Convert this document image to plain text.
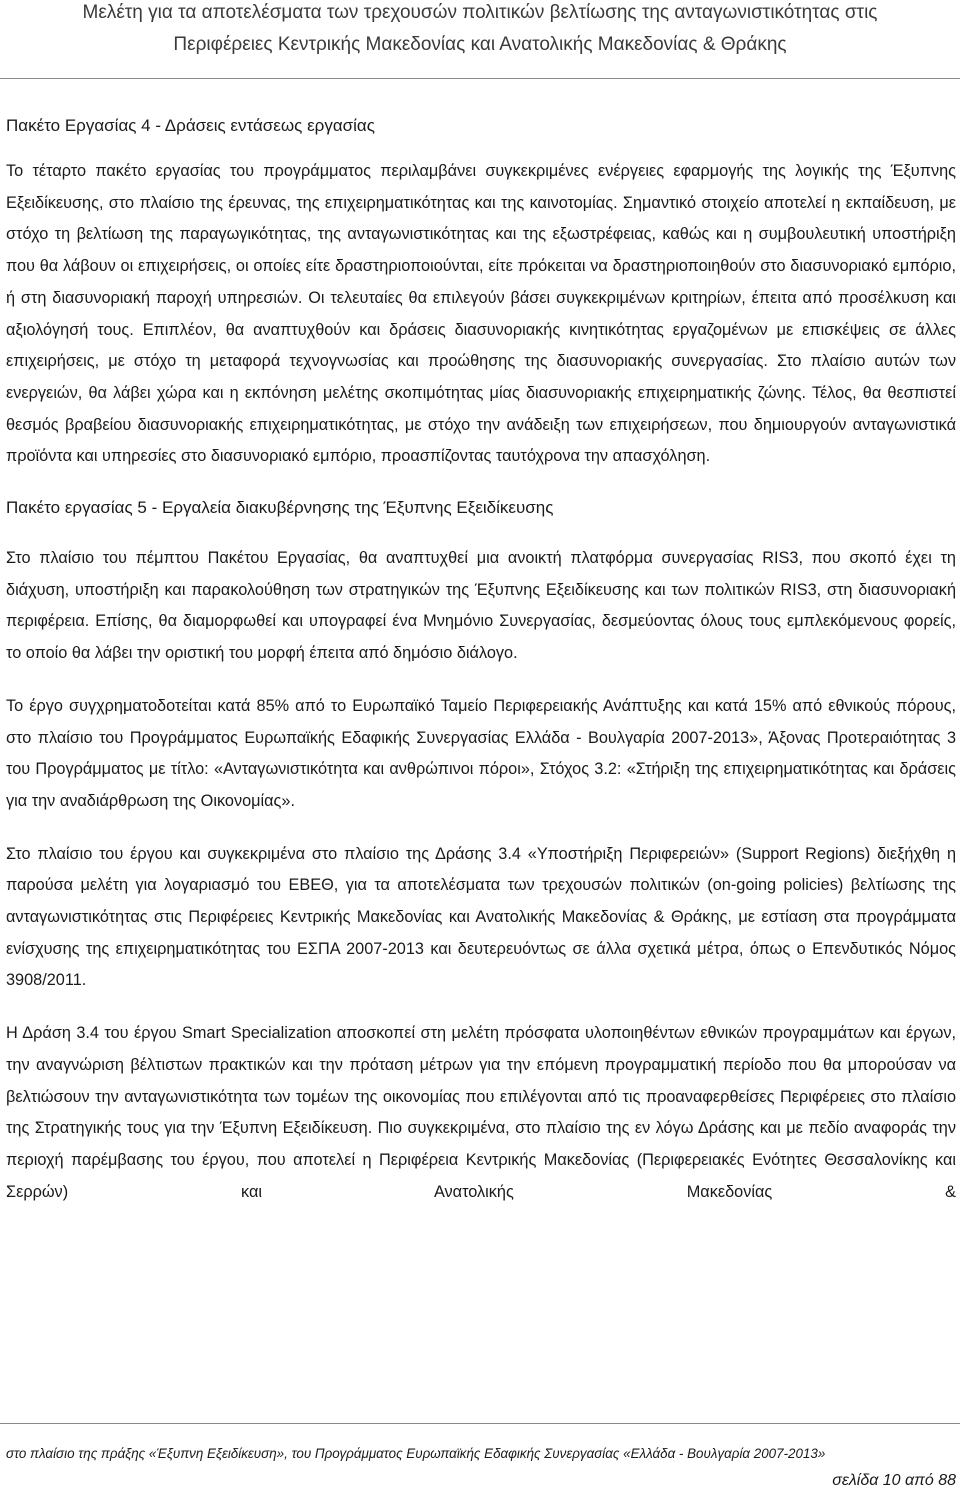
Μελέτη για τα αποτελέσματα των τρεχουσών πολιτικών βελτίωσης της ανταγωνιστικότητας στις
Περιφέρειες Κεντρικής Μακεδονίας και Ανατολικής Μακεδονίας & Θράκης

Πακέτο Εργασίας 4 - Δράσεις εντάσεως εργασίας

Το τέταρτο πακέτο εργασίας του προγράμματος περιλαμβάνει συγκεκριμένες ενέργειες εφαρμογής της λογικής της Έξυπνης Εξειδίκευσης, στο πλαίσιο της έρευνας, της επιχειρηματικότητας και της καινοτομίας. Σημαντικό στοιχείο αποτελεί η εκπαίδευση, με στόχο τη βελτίωση της παραγωγικότητας, της ανταγωνιστικότητας και της εξωστρέφειας, καθώς και η συμβουλευτική υποστήριξη που θα λάβουν οι επιχειρήσεις, οι οποίες είτε δραστηριοποιούνται, είτε πρόκειται να δραστηριοποιηθούν στο διασυνοριακό εμπόριο, ή στη διασυνοριακή παροχή υπηρεσιών. Οι τελευταίες θα επιλεγούν βάσει συγκεκριμένων κριτηρίων, έπειτα από προσέλκυση και αξιολόγησή τους. Επιπλέον, θα αναπτυχθούν και δράσεις διασυνοριακής κινητικότητας εργαζομένων με επισκέψεις σε άλλες επιχειρήσεις, με στόχο τη μεταφορά τεχνογνωσίας και προώθησης της διασυνοριακής συνεργασίας. Στο πλαίσιο αυτών των ενεργειών, θα λάβει χώρα και η εκπόνηση μελέτης σκοπιμότητας μίας διασυνοριακής επιχειρηματικής ζώνης. Τέλος, θα θεσπιστεί θεσμός βραβείου διασυνοριακής επιχειρηματικότητας, με στόχο την ανάδειξη των επιχειρήσεων, που δημιουργούν ανταγωνιστικά προϊόντα και υπηρεσίες στο διασυνοριακό εμπόριο, προασπίζοντας ταυτόχρονα την απασχόληση.

Πακέτο εργασίας 5 - Εργαλεία διακυβέρνησης της Έξυπνης Εξειδίκευσης

Στο πλαίσιο του πέμπτου Πακέτου Εργασίας, θα αναπτυχθεί μια ανοικτή πλατφόρμα συνεργασίας RIS3, που σκοπό έχει τη διάχυση, υποστήριξη και παρακολούθηση των στρατηγικών της Έξυπνης Εξειδίκευσης και των πολιτικών RIS3, στη διασυνοριακή περιφέρεια. Επίσης, θα διαμορφωθεί και υπογραφεί ένα Μνημόνιο Συνεργασίας, δεσμεύοντας όλους τους εμπλεκόμενους φορείς, το οποίο θα λάβει την οριστική του μορφή έπειτα από δημόσιο διάλογο.

Το έργο συγχρηματοδοτείται κατά 85% από το Ευρωπαϊκό Ταμείο Περιφερειακής Ανάπτυξης και κατά 15% από εθνικούς πόρους, στο πλαίσιο του Προγράμματος Ευρωπαϊκής Εδαφικής Συνεργασίας Ελλάδα - Βουλγαρία 2007-2013», Άξονας Προτεραιότητας 3 του Προγράμματος με τίτλο: «Ανταγωνιστικότητα και ανθρώπινοι πόροι», Στόχος 3.2: «Στήριξη της επιχειρηματικότητας και δράσεις για την αναδιάρθρωση της Οικονομίας».

Στο πλαίσιο του έργου και συγκεκριμένα στο πλαίσιο της Δράσης 3.4 «Υποστήριξη Περιφερειών» (Support Regions) διεξήχθη η παρούσα μελέτη για λογαριασμό του ΕΒΕΘ, για τα αποτελέσματα των τρεχουσών πολιτικών (on-going policies) βελτίωσης της ανταγωνιστικότητας στις Περιφέρειες Κεντρικής Μακεδονίας και Ανατολικής Μακεδονίας & Θράκης, με εστίαση στα προγράμματα ενίσχυσης της επιχειρηματικότητας του ΕΣΠΑ 2007-2013 και δευτερευόντως σε άλλα σχετικά μέτρα, όπως ο Επενδυτικός Νόμος 3908/2011.

Η Δράση 3.4 του έργου Smart Specialization αποσκοπεί στη μελέτη πρόσφατα υλοποιηθέντων εθνικών προγραμμάτων και έργων, την αναγνώριση βέλτιστων πρακτικών και την πρόταση μέτρων για την επόμενη προγραμματική περίοδο που θα μπορούσαν να βελτιώσουν την ανταγωνιστικότητα των τομέων της οικονομίας που επιλέγονται από τις προαναφερθείσες Περιφέρειες στο πλαίσιο της Στρατηγικής τους για την Έξυπνη Εξειδίκευση. Πιο συγκεκριμένα, στο πλαίσιο της εν λόγω Δράσης και με πεδίο αναφοράς την περιοχή παρέμβασης του έργου, που αποτελεί η Περιφέρεια Κεντρικής Μακεδονίας (Περιφερειακές Ενότητες Θεσσαλονίκης και Σερρών) και Ανατολικής Μακεδονίας &

στο πλαίσιο της πράξης «Έξυπνη Εξειδίκευση», του Προγράμματος Ευρωπαϊκής Εδαφικής Συνεργασίας «Ελλάδα - Βουλγαρία 2007-2013»
σελίδα 10 από 88
